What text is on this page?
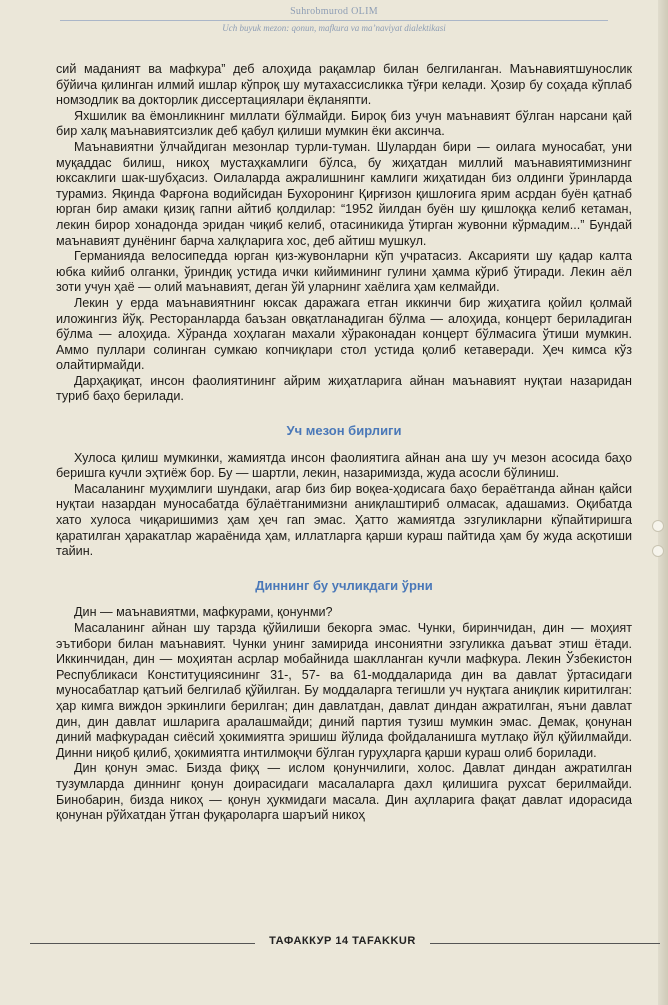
Suhrobmurod OLIM
Uch buyuk mezon: qonun, mafkura va ma’naviyat dialektikasi

сий маданият ва мафкура” деб алоҳида рақамлар билан белгиланган. Маънавиятшунослик бўйича қилинган илмий ишлар кўпроқ шу мутахассисликка тўғри келади. Ҳозир бу соҳада кўплаб номзодлик ва докторлик диссертациялари ёқланяпти.

Яхшилик ва ёмонликнинг миллати бўлмайди. Бироқ биз учун маънавият бўлган нарсани қай бир халқ маънавиятсизлик деб қабул қилиши мумкин ёки аксинча.

Маънавиятни ўлчайдиган мезонлар турли-туман. Шулардан бири — оилага муносабат, уни муқаддас билиш, никоҳ мустаҳкамлиги бўлса, бу жиҳатдан миллий маънавиятимизнинг юксаклиги шак-шубҳасиз. Оилаларда ажралишнинг камлиги жиҳатидан биз олдинги ўринларда турамиз. Яқинда Фарғона водийсидан Бухоронинг Қирғизон қишлоғига ярим асрдан буён қатнаб юрган бир амаки қизиқ гапни айтиб қолдилар: “1952 йилдан буён шу қишлоққа келиб кетаман, лекин бирор хонадонда эридан чиқиб келиб, отасиникида ўтирган жувонни кўрмадим...” Бундай маънавият дунёнинг барча халқларига хос, деб айтиш мушкул.

Германияда велосипедда юрган қиз-жувонларни кўп учратасиз. Аксарияти шу қадар калта юбка кийиб олганки, ўриндиқ устида ички кийимининг гулини ҳамма кўриб ўтиради. Лекин аёл зоти учун ҳаё — олий маънавият, деган ўй уларнинг хаёлига ҳам келмайди.

Лекин у ерда маънавиятнинг юксак даражага етган иккинчи бир жиҳатига қойил қолмай иложингиз йўқ. Ресторанларда баъзан овқатланадиган бўлма — алоҳида, концерт бериладиган бўлма — алоҳида. Хўранда хоҳлаган махали хўраконадан концерт бўлмасига ўтиши мумкин. Аммо пуллари солинган сумкаю копчиқлари стол устида қолиб кетаверади. Ҳеч кимса кўз олайтирмайди.

Дарҳақиқат, инсон фаолиятининг айрим жиҳатларига айнан маънавият нуқтаи назаридан туриб баҳо берилади.

Уч мезон бирлиги

Хулоса қилиш мумкинки, жамиятда инсон фаолиятига айнан ана шу уч мезон асосида баҳо беришга кучли эҳтиёж бор. Бу — шартли, лекин, назаримизда, жуда асосли бўлиниш.

Масаланинг муҳимлиги шундаки, агар биз бир воқеа-ҳодисага баҳо бераётганда айнан қайси нуқтаи назардан муносабатда бўлаётганимизни аниқлаштириб олмасак, адашамиз. Оқибатда хато хулоса чиқаришимиз ҳам ҳеч гап эмас. Ҳатто жамиятда эзгуликларни кўпайтиришга қаратилган ҳаракатлар жараёнида ҳам, иллатларга қарши кураш пайтида ҳам бу жуда асқотиши тайин.

Диннинг бу учликдаги ўрни

Дин — маънавиятми, мафкурами, қонунми?

Масаланинг айнан шу тарзда қўйилиши бекорга эмас. Чунки, биринчидан, дин — моҳият эътибори билан маънавият. Чунки унинг замирида инсониятни эзгуликка даъват этиш ётади. Иккинчидан, дин — моҳиятан асрлар мобайнида шаклланган кучли мафкура. Лекин Ўзбекистон Республикаси Конституциясининг 31-, 57- ва 61-моддаларида дин ва давлат ўртасидаги муносабатлар қатъий белгилаб қўйилган. Бу моддаларга тегишли уч нуқтага аниқлик киритилган: ҳар кимга виждон эркинлиги берилган; дин давлатдан, давлат диндан ажратилган, яъни давлат дин, дин давлат ишларига аралашмайди; диний партия тузиш мумкин эмас. Демак, қонунан диний мафкурадан сиёсий ҳокимиятга эришиш йўлида фойдаланишга мутлақо йўл қўйилмайди. Динни ниқоб қилиб, ҳокимиятга интилмоқчи бўлган гуруҳларга қарши кураш олиб борилади.

Дин қонун эмас. Бизда фиқҳ — ислом қонунчилиги, холос. Давлат диндан ажратилган тузумларда диннинг қонун доирасидаги масалаларга дахл қилишига рухсат берилмайди. Бинобарин, бизда никоҳ — қонун ҳукмидаги масала. Дин аҳлларига фақат давлат идорасида қонунан рўйхатдан ўтган фуқароларга шаръий никоҳ

ТАФАККУР 14 TAFAKKUR
